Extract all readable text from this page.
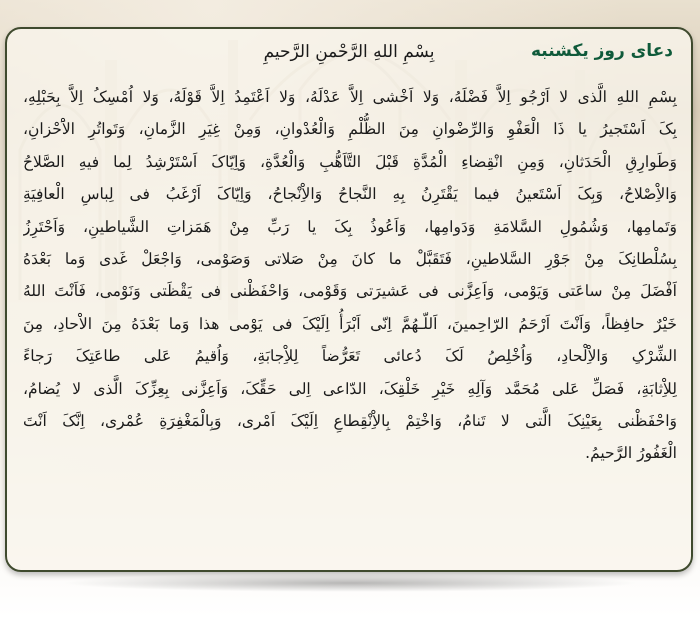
دعای روز یکشنبه
بِسْمِ اللهِ الرَّحْمنِ الرَّحیمِ
بِسْمِ اللهِ الَّذی لا اَرْجُو اِلاَّ فَضْلَهُ، وَلا اَخْشی اِلاَّ عَدْلَهُ، وَلا اَعْتَمِدُ اِلاَّ قَوْلَهُ، وَلا اُمْسِکُ اِلاَّ بِحَبْلِهِ،
بِکَ اَسْتَجیرُ یا ذَا الْعَفْوِ وَالرِّضْوانِ مِنَ الظُّلْمِ وَالْعُدْوانِ، وَمِنْ غِیَرِ الزَّمانِ، وَتَواتُرِ الاَْحْزانِ،
وَطَوارِقِ الْحَدَثانِ، وَمِنِ انْقِضاءِ الْمُدَّةِ قَبْلَ التَّاَهُّبِ وَالْعُدَّةِ، وَاِیّاکَ اَسْتَرْشِدُ لِما فیهِ الصَّلاحُ
وَالاِْصْلاحُ، وَبِکَ اَسْتَعینُ فیما یَقْتَرِنُ بِهِ النَّجاحُ وَالاِْنْجاحُ، وَاِیّاکَ اَرْغَبُ فی لِباسِ الْعافِیَةِ
وَتَمامِها، وَشُمُولِ السَّلامَةِ وَدَوامِها، وَاَعُوذُ بِکَ یا رَبِّ مِنْ هَمَزاتِ الشَّیاطینِ، وَاَحْتَرِزُ
بِسُلْطانِکَ مِنْ جَوْرِ السَّلاطینِ، فَتَقَبَّلْ ما کانَ مِنْ صَلاتی وَصَوْمی، وَاجْعَلْ غَدی وَما بَعْدَهُ
اَفْضَلَ مِنْ ساعَتی وَیَوْمی، وَاَعِزَّنی فی عَشیرَتی وَقَوْمی، وَاحْفَظْنی فی یَقْظَتی وَنَوْمی، فَاَنْتَ اللهُ
خَیْرٌ حافِظاً، وَاَنْتَ اَرْحَمُ الرّاحِمینَ، اَللّـهُمَّ اِنّی اَبْرَأُ اِلَیْکَ فی یَوْمی هذا وَما بَعْدَهُ مِنَ الاْحادِ، مِنَ
الشِّرْکِ وَالاِْلْحادِ، وَاُخْلِصُ لَکَ دُعائی تَعَرُّضاً لِلاِْجابَةِ، وَاُقیمُ عَلی طاعَتِکَ رَجاءً
لِلاِْثابَةِ، فَصَلِّ عَلی مُحَمَّد وَآلِهِ خَیْرِ خَلْقِکَ، الدّاعی اِلی حَقِّکَ، وَاَعِزَّنی بِعِزِّکَ الَّذی لا یُضامُ،
وَاحْفَظْنی بِعَیْنِکَ الَّتی لا تَنامُ، وَاخْتِمْ بِالاِْنْقِطاعِ اِلَیْکَ اَمْری، وَبِالْمَغْفِرَةِ عُمْری، اِنَّکَ اَنْتَ
الْغَفُورُ الرَّحیمُ.
